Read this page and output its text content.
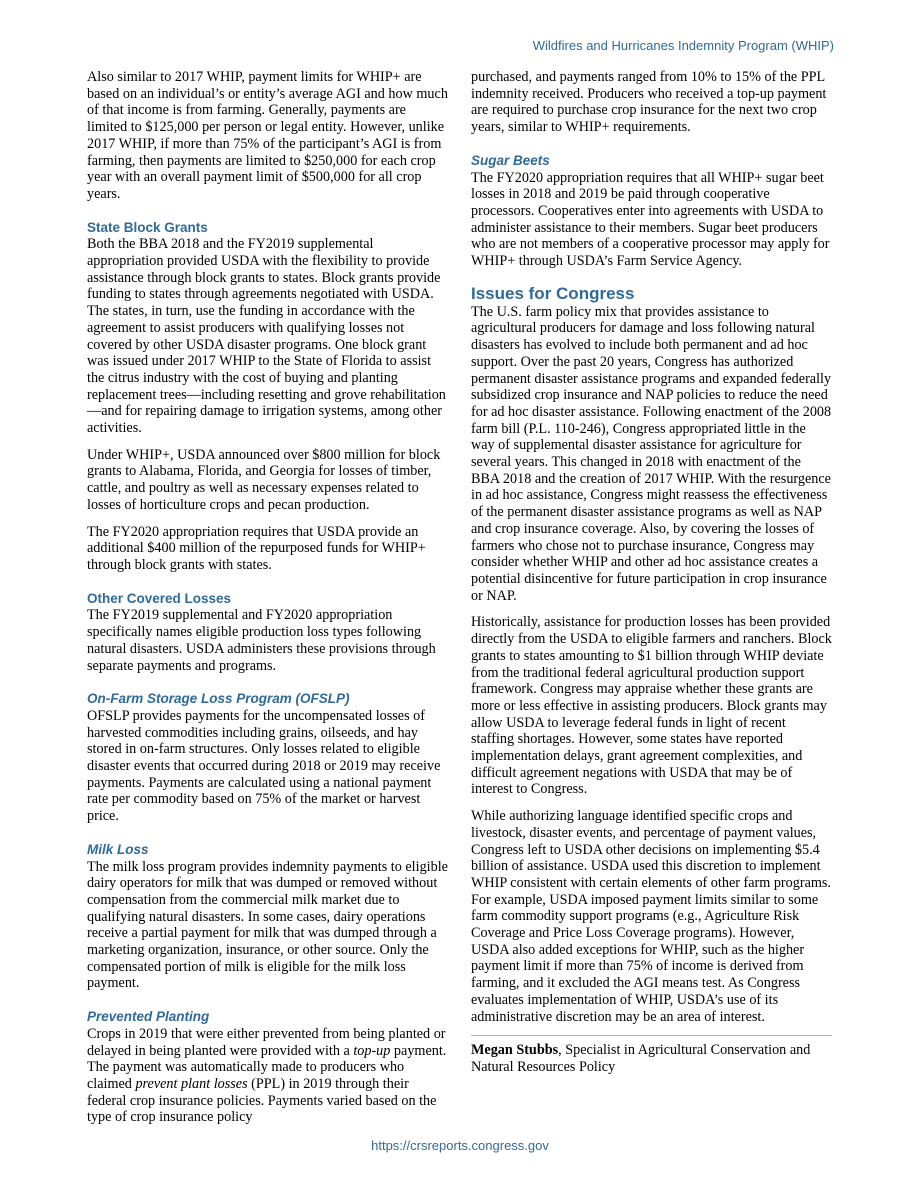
Wildfires and Hurricanes Indemnity Program (WHIP)

Also similar to 2017 WHIP, payment limits for WHIP+ are based on an individual’s or entity’s average AGI and how much of that income is from farming. Generally, payments are limited to $125,000 per person or legal entity. However, unlike 2017 WHIP, if more than 75% of the participant’s AGI is from farming, then payments are limited to $250,000 for each crop year with an overall payment limit of $500,000 for all crop years.

State Block Grants

Both the BBA 2018 and the FY2019 supplemental appropriation provided USDA with the flexibility to provide assistance through block grants to states. Block grants provide funding to states through agreements negotiated with USDA. The states, in turn, use the funding in accordance with the agreement to assist producers with qualifying losses not covered by other USDA disaster programs. One block grant was issued under 2017 WHIP to the State of Florida to assist the citrus industry with the cost of buying and planting replacement trees—including resetting and grove rehabilitation—and for repairing damage to irrigation systems, among other activities.

Under WHIP+, USDA announced over $800 million for block grants to Alabama, Florida, and Georgia for losses of timber, cattle, and poultry as well as necessary expenses related to losses of horticulture crops and pecan production.

The FY2020 appropriation requires that USDA provide an additional $400 million of the repurposed funds for WHIP+ through block grants with states.

Other Covered Losses

The FY2019 supplemental and FY2020 appropriation specifically names eligible production loss types following natural disasters. USDA administers these provisions through separate payments and programs.

On-Farm Storage Loss Program (OFSLP)

OFSLP provides payments for the uncompensated losses of harvested commodities including grains, oilseeds, and hay stored in on-farm structures. Only losses related to eligible disaster events that occurred during 2018 or 2019 may receive payments. Payments are calculated using a national payment rate per commodity based on 75% of the market or harvest price.

Milk Loss

The milk loss program provides indemnity payments to eligible dairy operators for milk that was dumped or removed without compensation from the commercial milk market due to qualifying natural disasters. In some cases, dairy operations receive a partial payment for milk that was dumped through a marketing organization, insurance, or other source. Only the compensated portion of milk is eligible for the milk loss payment.

Prevented Planting

Crops in 2019 that were either prevented from being planted or delayed in being planted were provided with a top-up payment. The payment was automatically made to producers who claimed prevent plant losses (PPL) in 2019 through their federal crop insurance policies. Payments varied based on the type of crop insurance policy

purchased, and payments ranged from 10% to 15% of the PPL indemnity received. Producers who received a top-up payment are required to purchase crop insurance for the next two crop years, similar to WHIP+ requirements.

Sugar Beets

The FY2020 appropriation requires that all WHIP+ sugar beet losses in 2018 and 2019 be paid through cooperative processors. Cooperatives enter into agreements with USDA to administer assistance to their members. Sugar beet producers who are not members of a cooperative processor may apply for WHIP+ through USDA’s Farm Service Agency.

Issues for Congress

The U.S. farm policy mix that provides assistance to agricultural producers for damage and loss following natural disasters has evolved to include both permanent and ad hoc support. Over the past 20 years, Congress has authorized permanent disaster assistance programs and expanded federally subsidized crop insurance and NAP policies to reduce the need for ad hoc disaster assistance. Following enactment of the 2008 farm bill (P.L. 110-246), Congress appropriated little in the way of supplemental disaster assistance for agriculture for several years. This changed in 2018 with enactment of the BBA 2018 and the creation of 2017 WHIP. With the resurgence in ad hoc assistance, Congress might reassess the effectiveness of the permanent disaster assistance programs as well as NAP and crop insurance coverage. Also, by covering the losses of farmers who chose not to purchase insurance, Congress may consider whether WHIP and other ad hoc assistance creates a potential disincentive for future participation in crop insurance or NAP.

Historically, assistance for production losses has been provided directly from the USDA to eligible farmers and ranchers. Block grants to states amounting to $1 billion through WHIP deviate from the traditional federal agricultural production support framework. Congress may appraise whether these grants are more or less effective in assisting producers. Block grants may allow USDA to leverage federal funds in light of recent staffing shortages. However, some states have reported implementation delays, grant agreement complexities, and difficult agreement negations with USDA that may be of interest to Congress.

While authorizing language identified specific crops and livestock, disaster events, and percentage of payment values, Congress left to USDA other decisions on implementing $5.4 billion of assistance. USDA used this discretion to implement WHIP consistent with certain elements of other farm programs. For example, USDA imposed payment limits similar to some farm commodity support programs (e.g., Agriculture Risk Coverage and Price Loss Coverage programs). However, USDA also added exceptions for WHIP, such as the higher payment limit if more than 75% of income is derived from farming, and it excluded the AGI means test. As Congress evaluates implementation of WHIP, USDA’s use of its administrative discretion may be an area of interest.

Megan Stubbs, Specialist in Agricultural Conservation and Natural Resources Policy

https://crsreports.congress.gov
